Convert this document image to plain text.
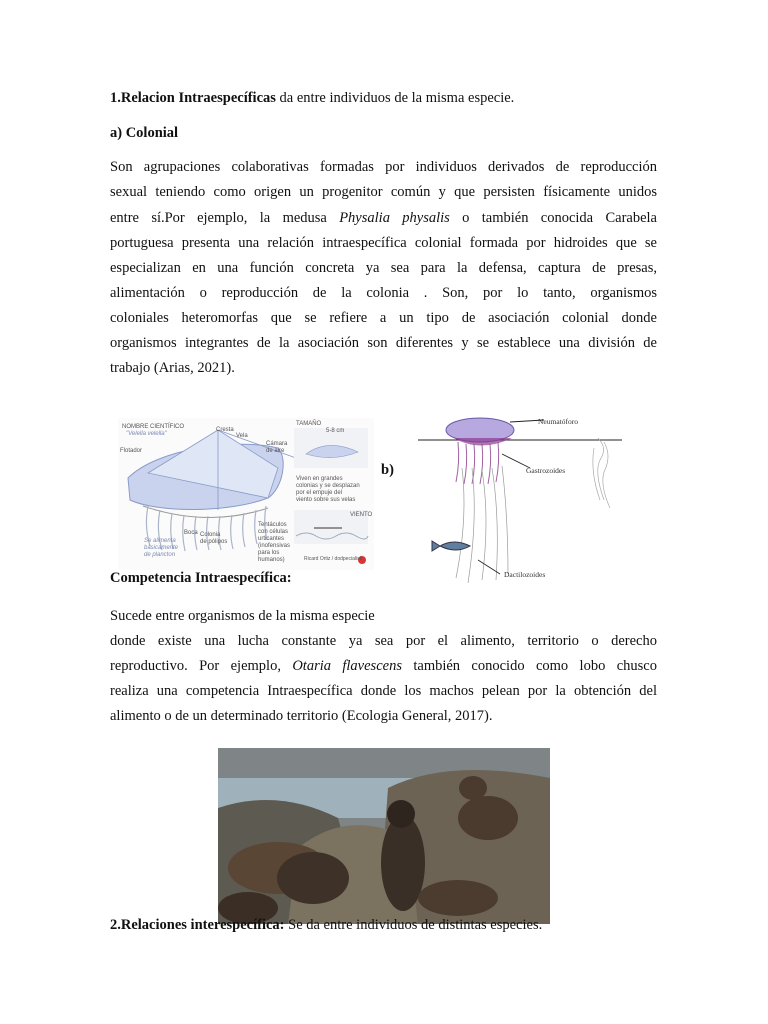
1.Relacion Intraespecíficas da entre individuos de la misma especie.

a) Colonial

Son agrupaciones colaborativas formadas por individuos derivados de reproducción

sexual teniendo como origen un progenitor común y que persisten físicamente unidos

entre sí.Por ejemplo, la medusa Physalia physalis o también conocida Carabela

portuguesa presenta una relación intraespecífica colonial formada por hidroides que se

especializan en una función concreta ya sea para la defensa, captura de presas,

alimentación o reproducción de la colonia . Son, por lo tanto, organismos

coloniales heteromorfas que se refiere a un tipo de asociación colonial donde

organismos integrantes de la asociación son diferentes y se establece una división de

trabajo (Arias, 2021).

NOMBRE CIENTÍFICO
"Velella velella"
Cresta
Vela
Cámara
de aire
Flotador
Boca Colonia
de pólipos
Se alimenta
básicamente
de plancton
TAMAÑO
5-8 cm
Viven en grandes
colonias y se desplazan
por el empuje del
viento sobre sus velas
VIENTO
Tentáculos
con células
urticantes
(inofensivas
para los
humanos)	Ricard Ortiz / dodpecialisk
b)
Neumatóforo
Gastrozoides
Dactilozoides

Competencia Intraespecífica:

Sucede entre organismos de la misma especie

donde existe una lucha constante ya sea por el alimento, territorio o derecho

reproductivo. Por ejemplo, Otaria flavescens también conocido como lobo chusco

realiza una competencia Intraespecífica donde los machos pelean por la obtención del

alimento o de un determinado territorio (Ecologia General, 2017).

2.Relaciones interespecífica: Se da entre individuos de distintas especies.
